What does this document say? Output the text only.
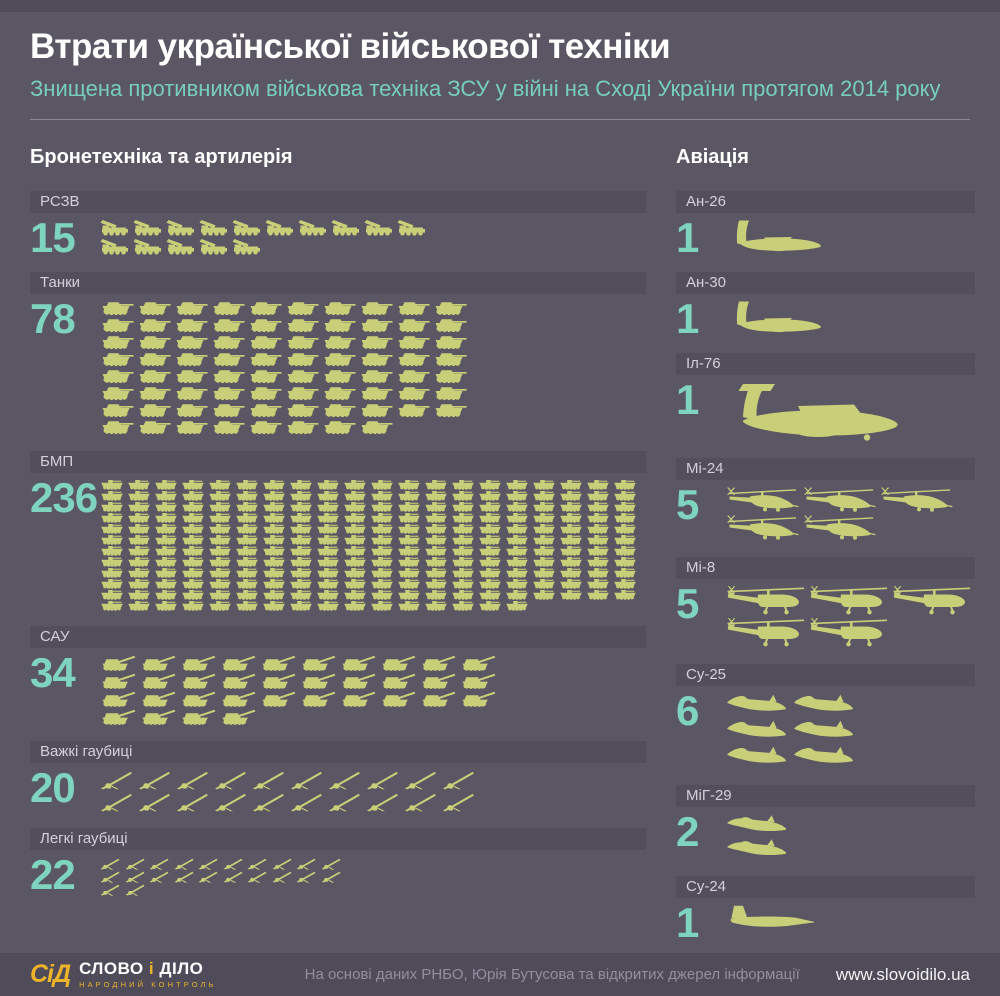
Втрати української військової техніки
Знищена противником військова техніка ЗСУ у війні на Сході України протягом 2014 року
Бронетехніка та артилерія
РСЗВ
15
Танки
78
БМП
236
САУ
34
Важкі гаубиці
20
Легкі гаубиці
22
Авіація
Ан-26
1
Ан-30
1
Іл-76
1
Мі-24
5
Мі-8
5
Су-25
6
МіГ-29
2
Су-24
1
СіД СЛОВО і ДІЛО
НАРОДНИЙ КОНТРОЛЬ
На основі даних РНБО, Юрія Бутусова та відкритих джерел інформації www.slovoidilo.ua
